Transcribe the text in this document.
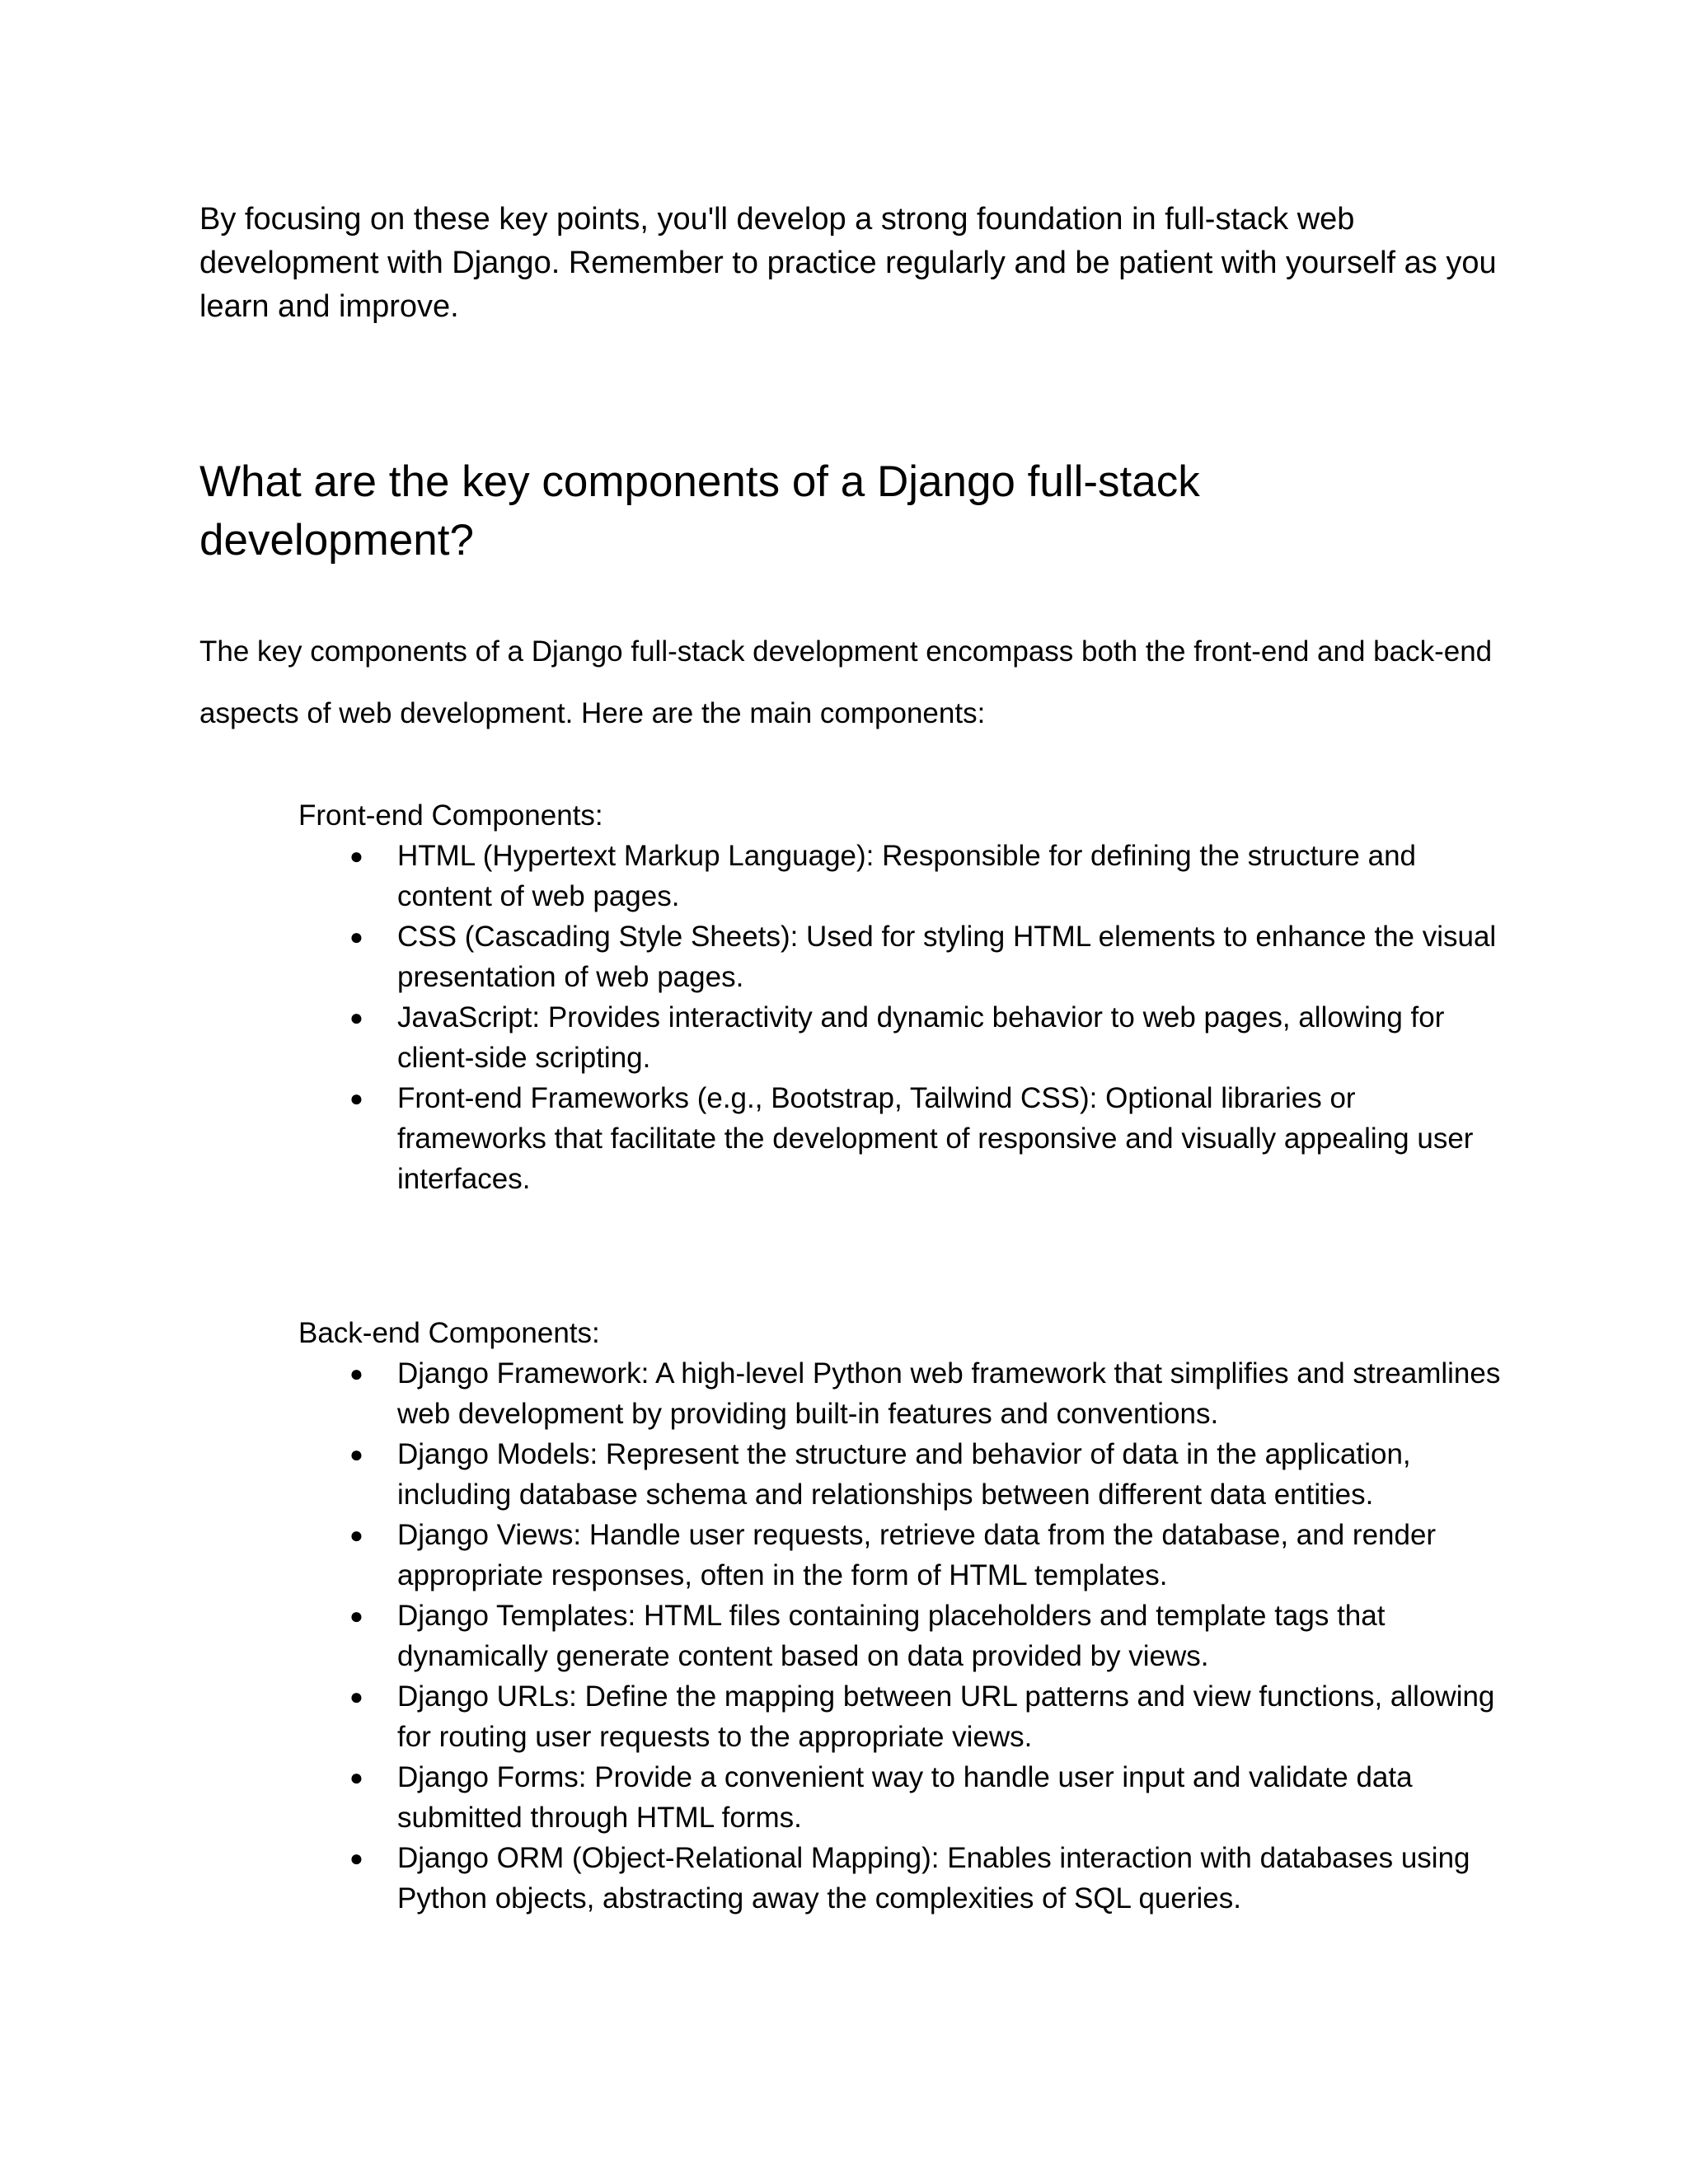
By focusing on these key points, you'll develop a strong foundation in full-stack web development with Django. Remember to practice regularly and be patient with yourself as you learn and improve.

What are the key components of a Django full-stack development?

The key components of a Django full-stack development encompass both the front-end and back-end aspects of web development. Here are the main components:

Front-end Components:

● HTML (Hypertext Markup Language): Responsible for defining the structure and content of web pages.
● CSS (Cascading Style Sheets): Used for styling HTML elements to enhance the visual presentation of web pages.
● JavaScript: Provides interactivity and dynamic behavior to web pages, allowing for client-side scripting.
● Front-end Frameworks (e.g., Bootstrap, Tailwind CSS): Optional libraries or frameworks that facilitate the development of responsive and visually appealing user interfaces.

Back-end Components:

● Django Framework: A high-level Python web framework that simplifies and streamlines web development by providing built-in features and conventions.
● Django Models: Represent the structure and behavior of data in the application, including database schema and relationships between different data entities.
● Django Views: Handle user requests, retrieve data from the database, and render appropriate responses, often in the form of HTML templates.
● Django Templates: HTML files containing placeholders and template tags that dynamically generate content based on data provided by views.
● Django URLs: Define the mapping between URL patterns and view functions, allowing for routing user requests to the appropriate views.
● Django Forms: Provide a convenient way to handle user input and validate data submitted through HTML forms.
● Django ORM (Object-Relational Mapping): Enables interaction with databases using Python objects, abstracting away the complexities of SQL queries.
